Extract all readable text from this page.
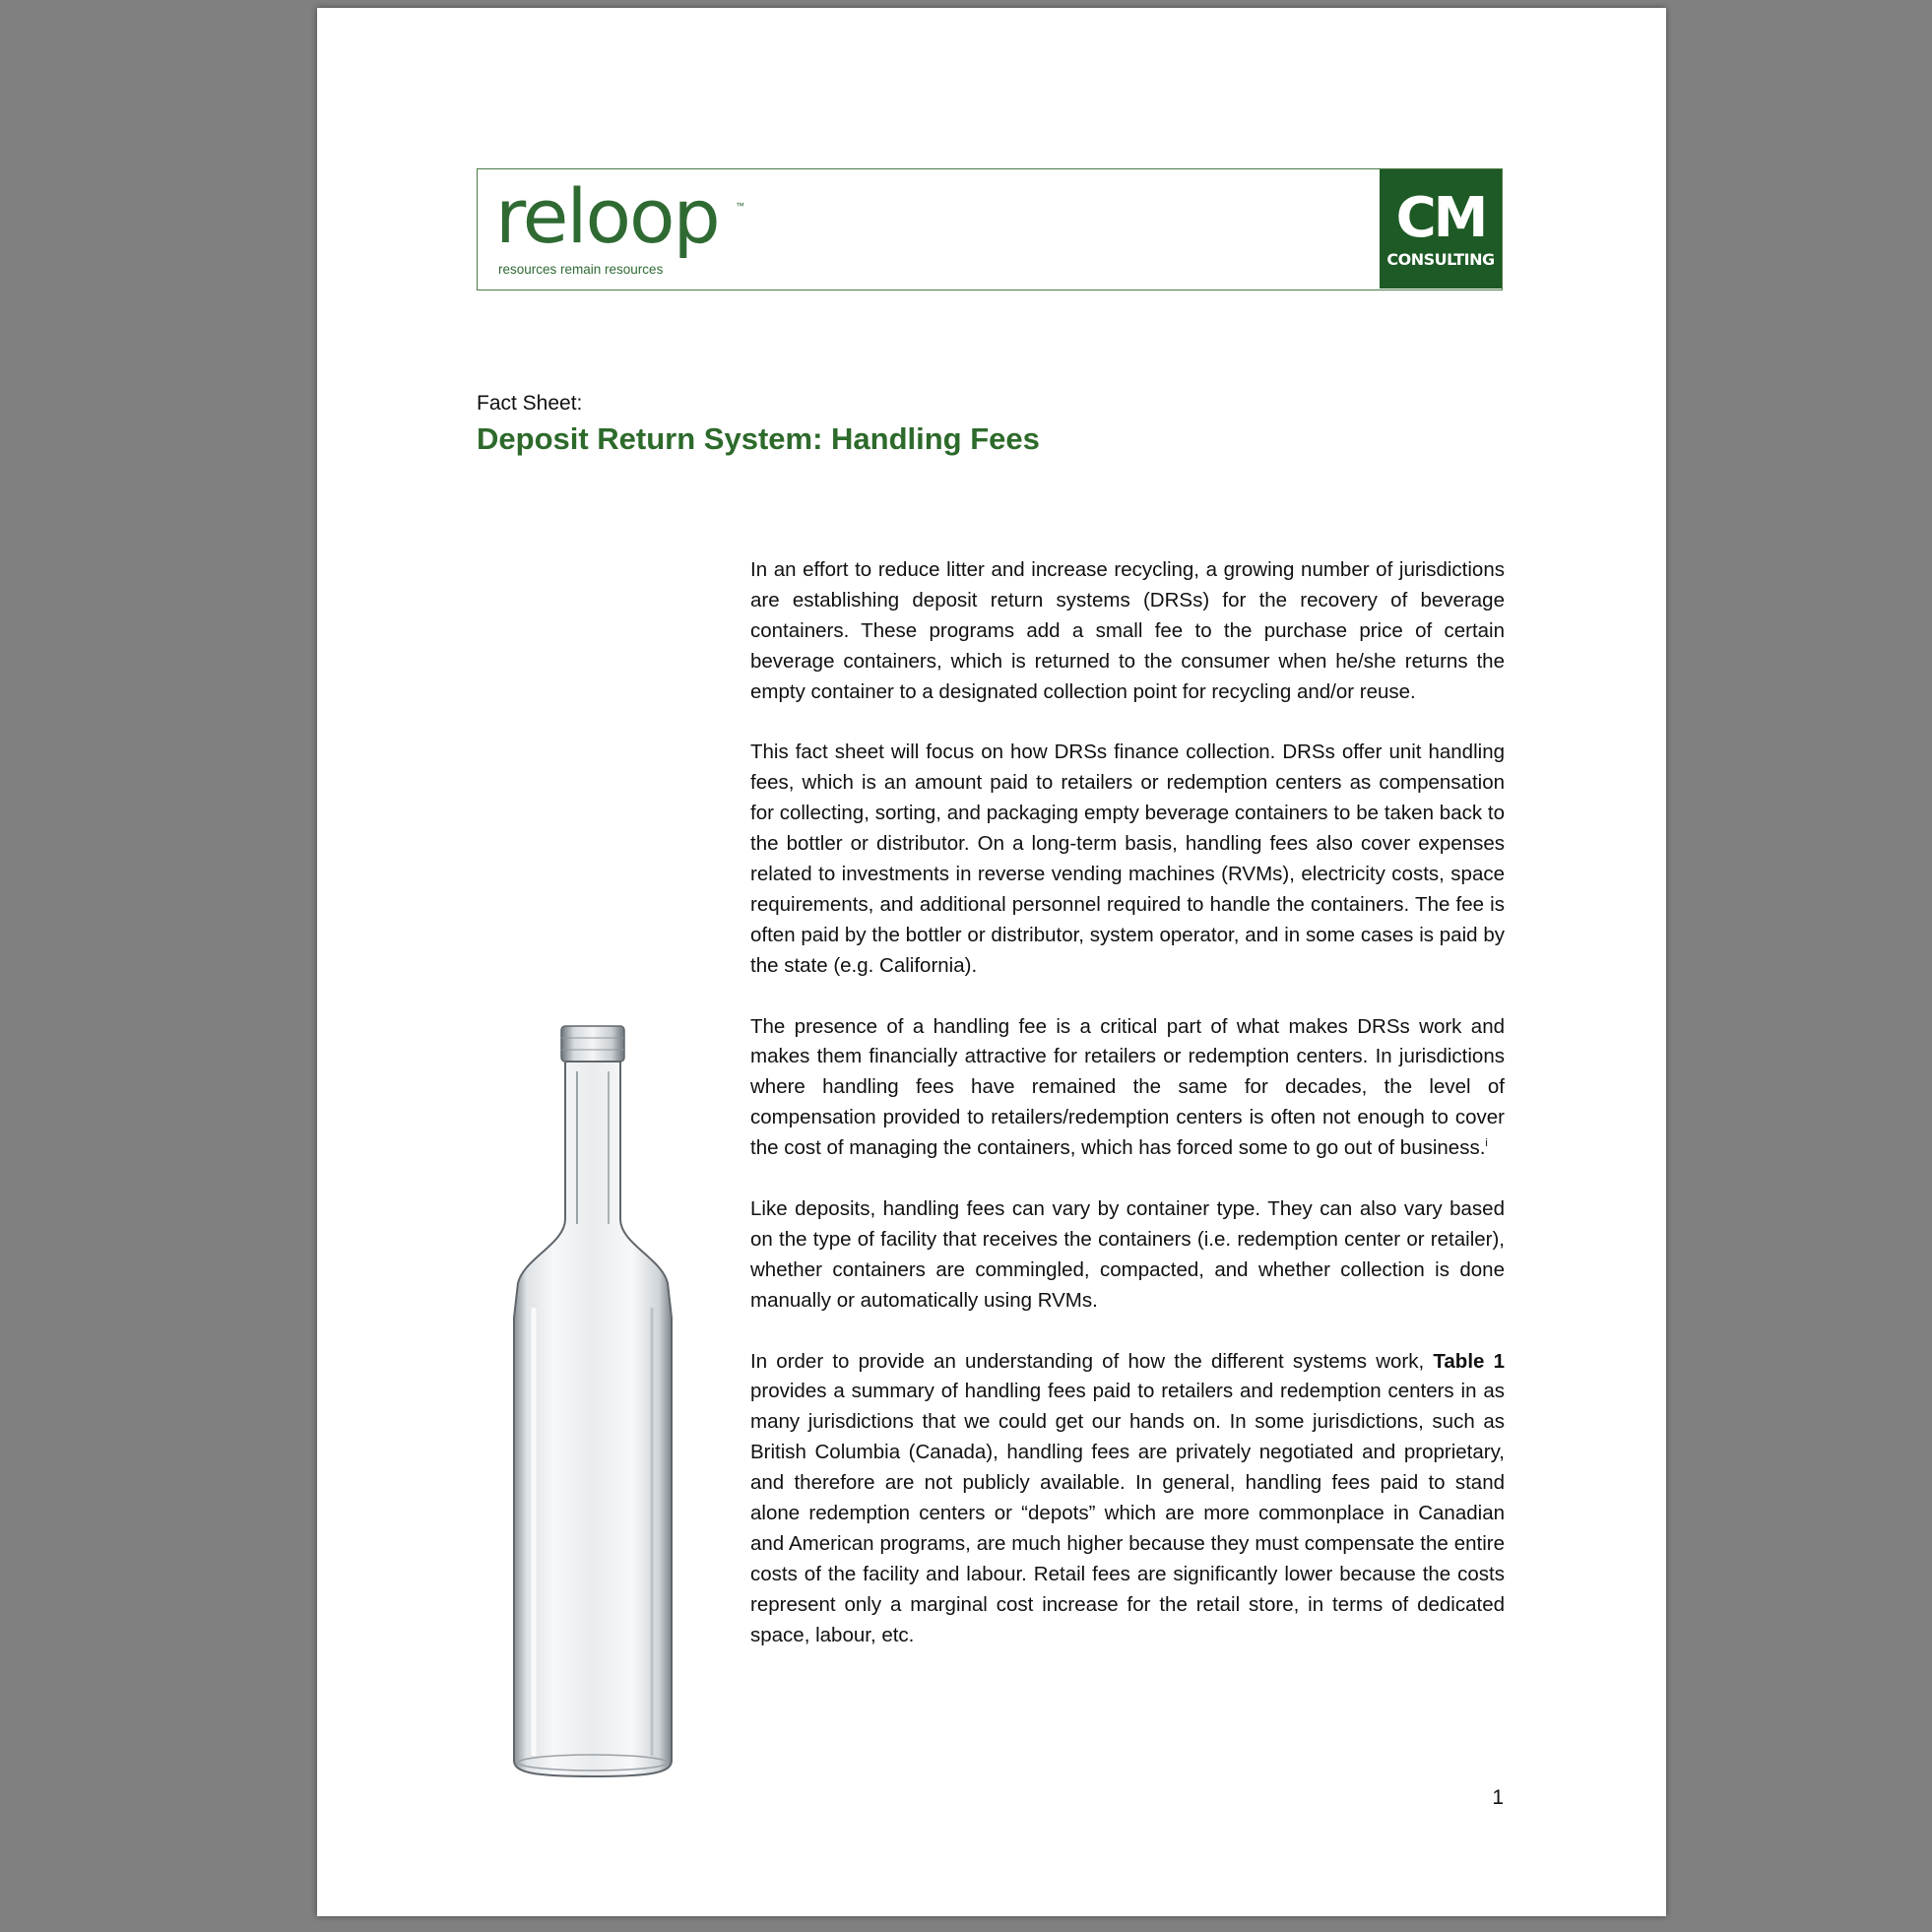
reloop ™
resources remain resources
CM
CONSULTING
Fact Sheet:
Deposit Return System: Handling Fees

In an effort to reduce litter and increase recycling, a growing number of jurisdictions are establishing deposit return systems (DRSs) for the recovery of beverage containers. These programs add a small fee to the purchase price of certain beverage containers, which is returned to the consumer when he/she returns the empty container to a designated collection point for recycling and/or reuse.

This fact sheet will focus on how DRSs finance collection. DRSs offer unit handling fees, which is an amount paid to retailers or redemption centers as compensation for collecting, sorting, and packaging empty beverage containers to be taken back to the bottler or distributor. On a long-term basis, handling fees also cover expenses related to investments in reverse vending machines (RVMs), electricity costs, space requirements, and additional personnel required to handle the containers. The fee is often paid by the bottler or distributor, system operator, and in some cases is paid by the state (e.g. California).

The presence of a handling fee is a critical part of what makes DRSs work and makes them financially attractive for retailers or redemption centers. In jurisdictions where handling fees have remained the same for decades, the level of compensation provided to retailers/redemption centers is often not enough to cover the cost of managing the containers, which has forced some to go out of business.$^i$

Like deposits, handling fees can vary by container type. They can also vary based on the type of facility that receives the containers (i.e. redemption center or retailer), whether containers are commingled, compacted, and whether collection is done manually or automatically using RVMs.

In order to provide an understanding of how the different systems work, Table 1 provides a summary of handling fees paid to retailers and redemption centers in as many jurisdictions that we could get our hands on. In some jurisdictions, such as British Columbia (Canada), handling fees are privately negotiated and proprietary, and therefore are not publicly available. In general, handling fees paid to stand alone redemption centers or “depots” which are more commonplace in Canadian and American programs, are much higher because they must compensate the entire costs of the facility and labour. Retail fees are significantly lower because the costs represent only a marginal cost increase for the retail store, in terms of dedicated space, labour, etc.

1
